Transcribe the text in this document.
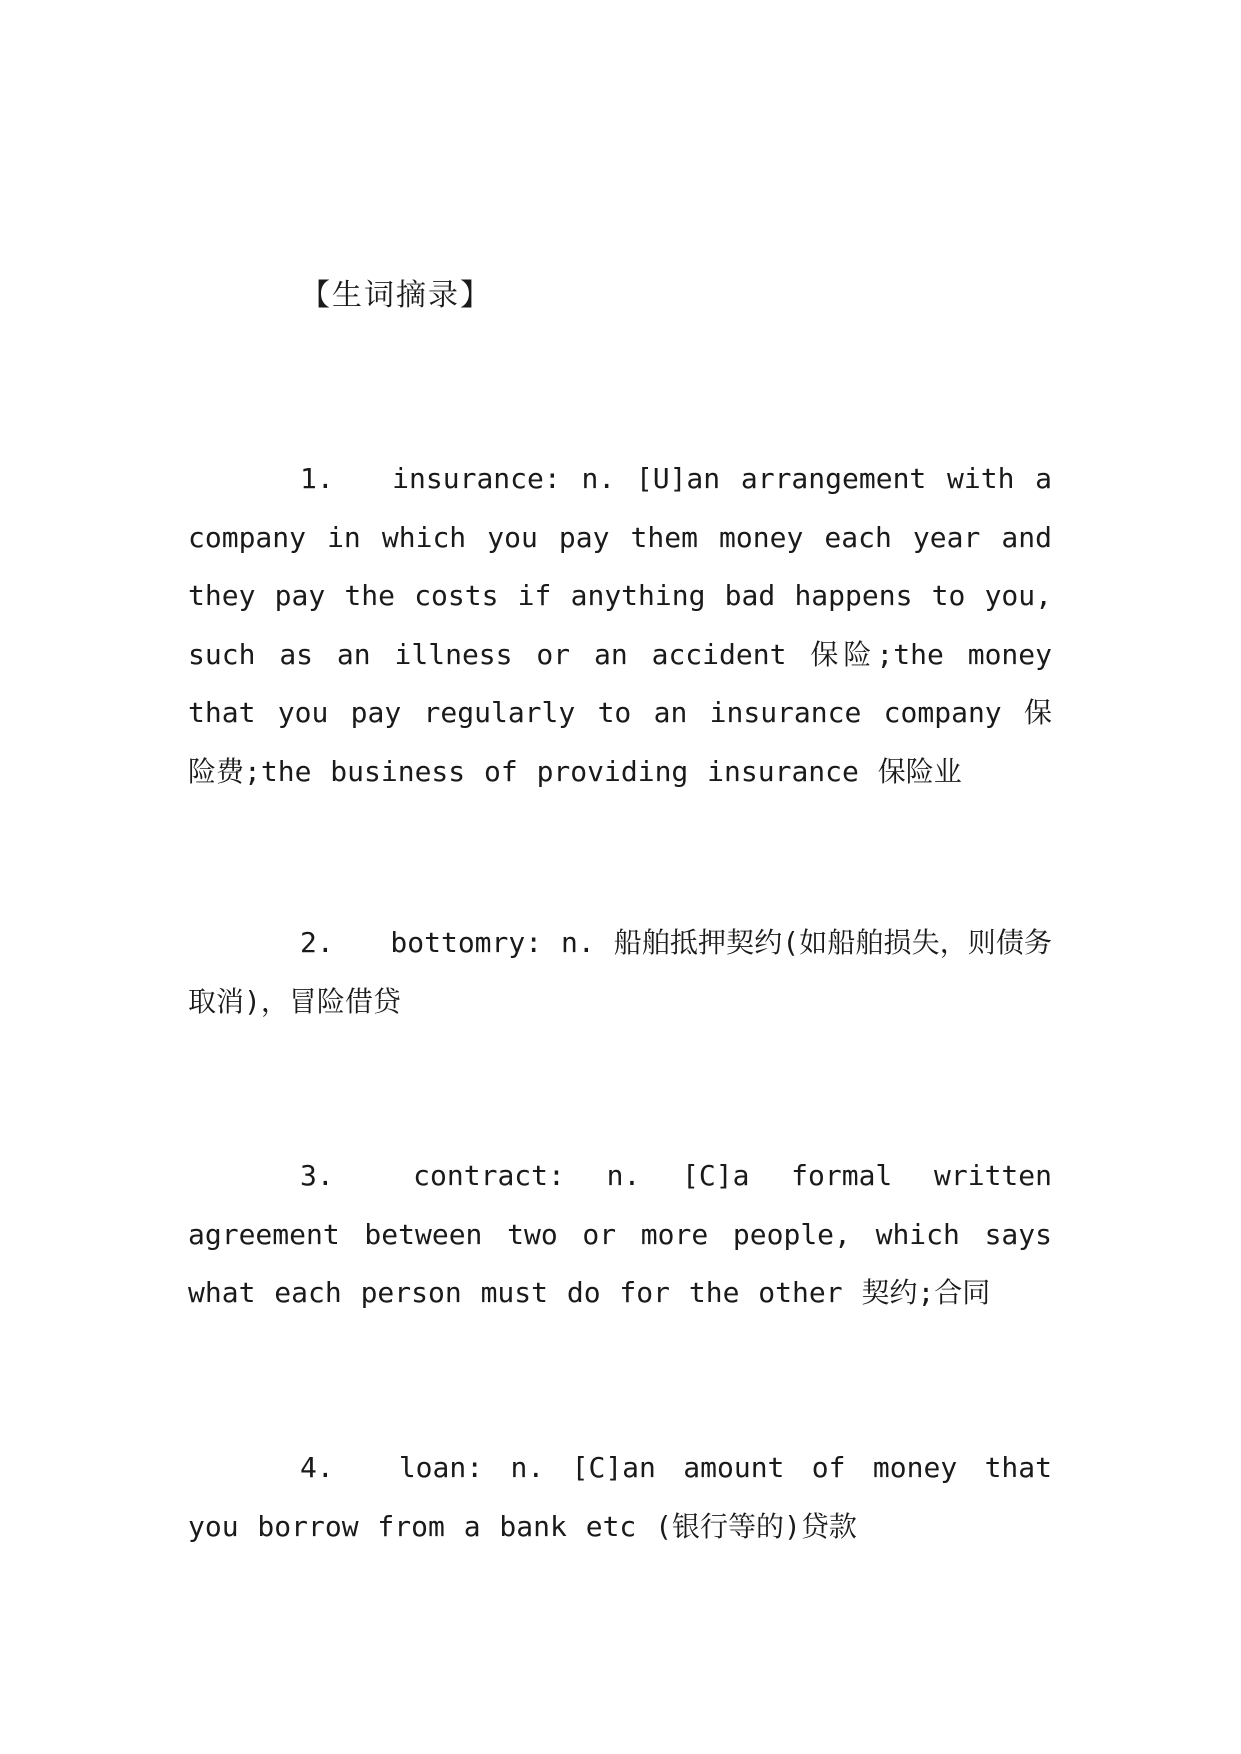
【生词摘录】

1.   insurance: n. [U]an arrangement with a company in which you pay them money each year and they pay the costs if anything bad happens to you, such as an illness or an accident 保险;the money that you pay regularly to an insurance company 保险费;the business of providing insurance 保险业

2.   bottomry: n. 船舶抵押契约(如船舶损失，则债务取消)，冒险借贷

3.   contract: n. [C]a formal written agreement between two or more people, which says what each person must do for the other 契约;合同

4.   loan: n. [C]an amount of money that you borrow from a bank etc (银行等的)贷款
